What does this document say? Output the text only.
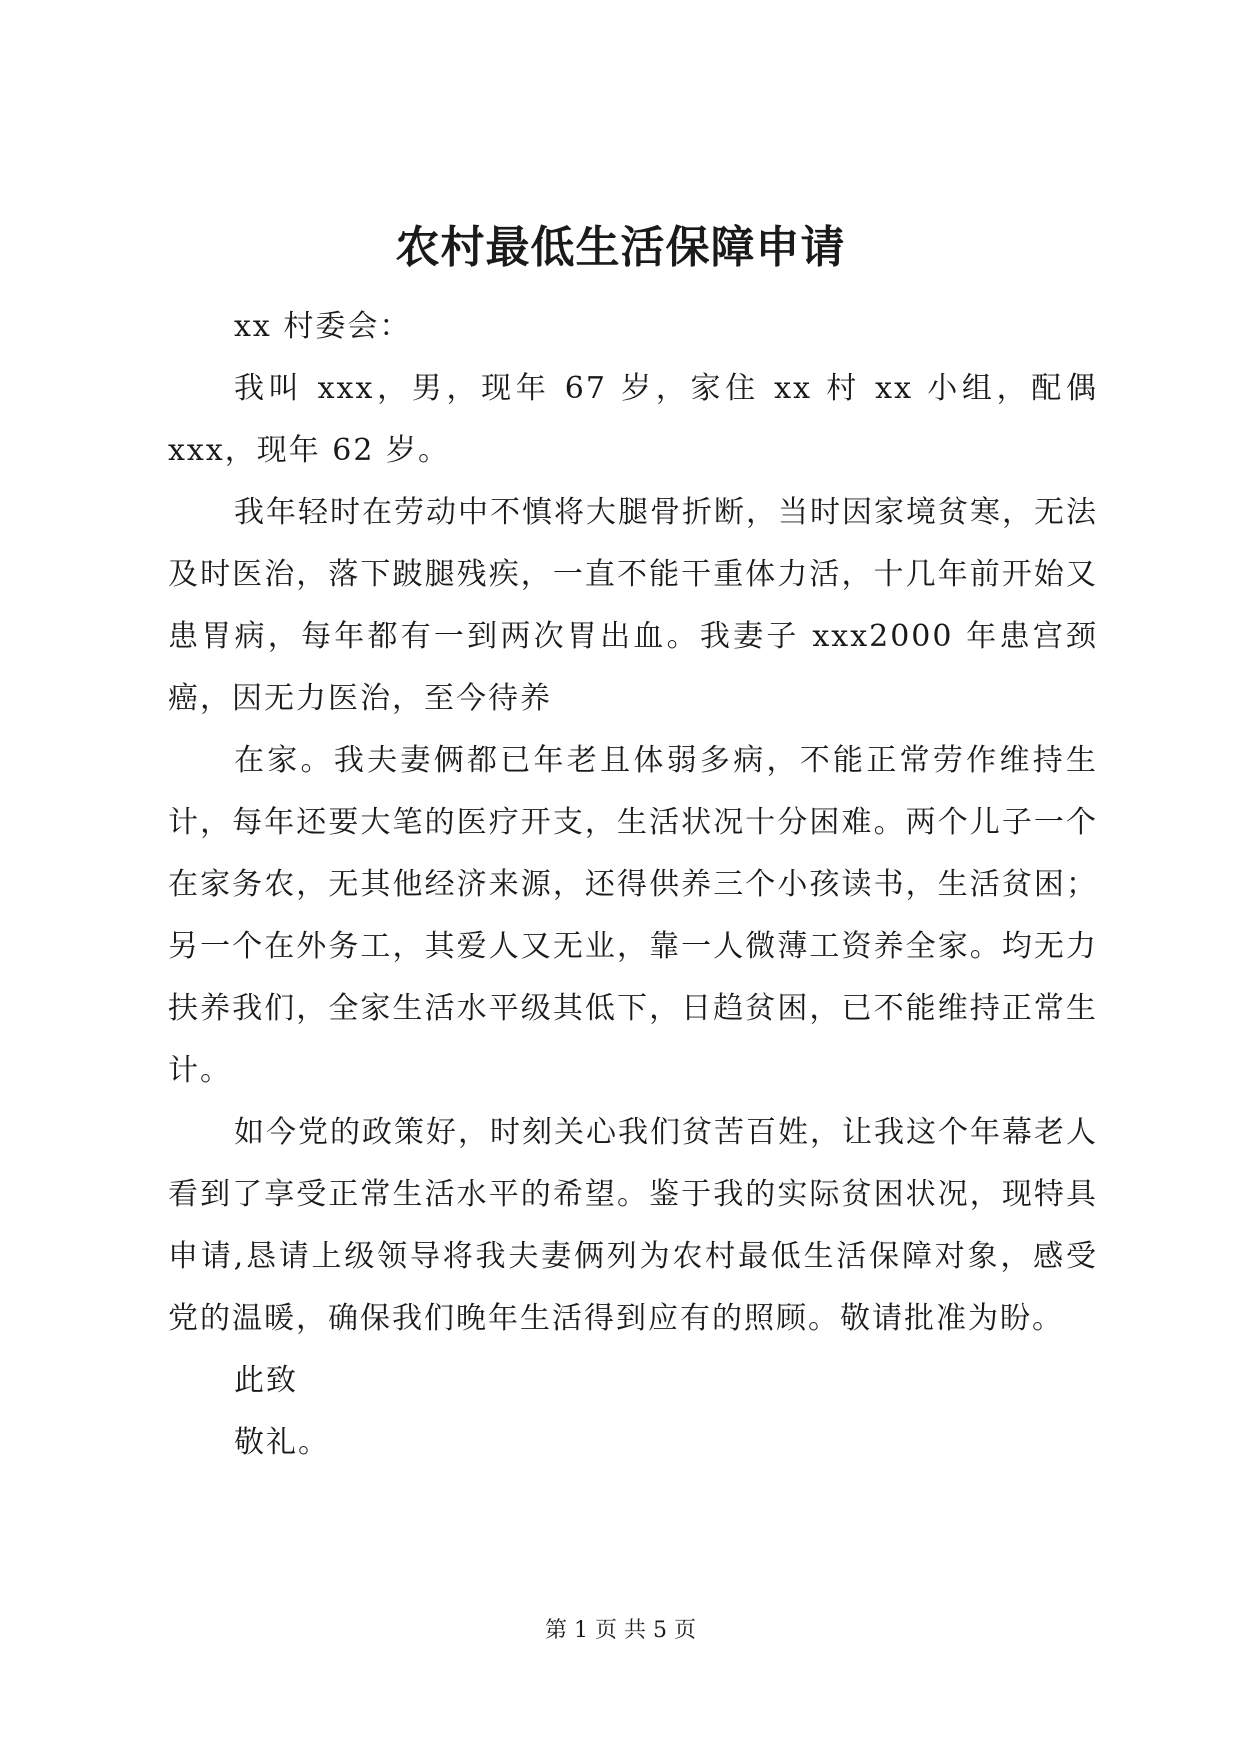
农村最低生活保障申请

xx 村委会：

我叫 xxx，男，现年 67 岁，家住 xx 村 xx 小组，配偶 xxx，现年 62 岁。

我年轻时在劳动中不慎将大腿骨折断，当时因家境贫寒，无法及时医治，落下跛腿残疾，一直不能干重体力活，十几年前开始又患胃病，每年都有一到两次胃出血。我妻子 xxx2000 年患宫颈癌，因无力医治，至今待养

在家。我夫妻俩都已年老且体弱多病，不能正常劳作维持生计，每年还要大笔的医疗开支，生活状况十分困难。两个儿子一个在家务农，无其他经济来源，还得供养三个小孩读书，生活贫困；另一个在外务工，其爱人又无业，靠一人微薄工资养全家。均无力扶养我们，全家生活水平级其低下，日趋贫困，已不能维持正常生计。

如今党的政策好，时刻关心我们贫苦百姓，让我这个年幕老人看到了享受正常生活水平的希望。鉴于我的实际贫困状况，现特具申请,恳请上级领导将我夫妻俩列为农村最低生活保障对象，感受党的温暖，确保我们晚年生活得到应有的照顾。敬请批准为盼。

此致

敬礼。

第 1 页 共 5 页
